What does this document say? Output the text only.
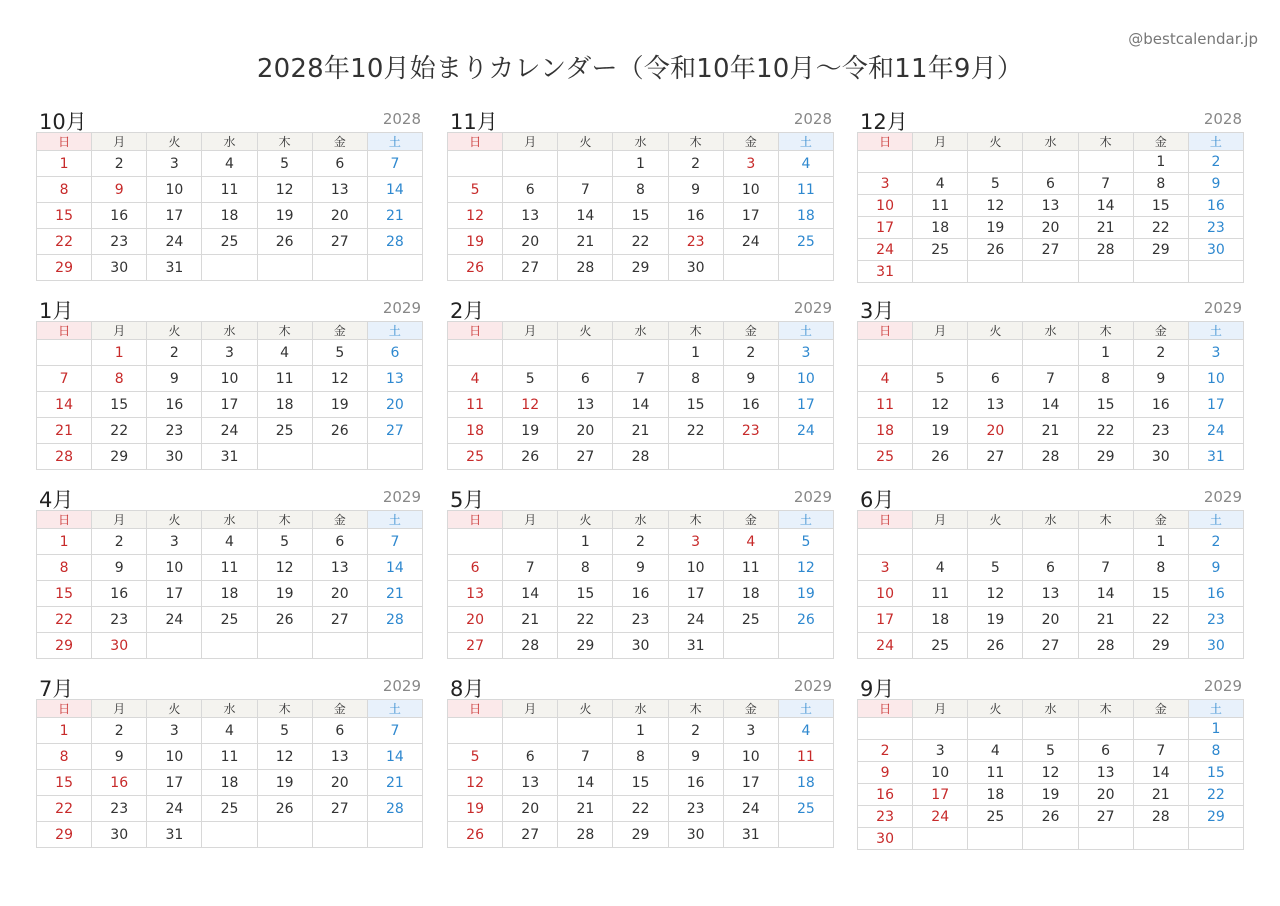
@bestcalendar.jp
2028年10月始まりカレンダー（令和10年10月〜令和11年9月）
10月	2028
日	月	火	水	木	金	土
1	2	3	4	5	6	7
8	9	10	11	12	13	14
15	16	17	18	19	20	21
22	23	24	25	26	27	28
29	30	31				
11月	2028
日	月	火	水	木	金	土
			1	2	3	4
5	6	7	8	9	10	11
12	13	14	15	16	17	18
19	20	21	22	23	24	25
26	27	28	29	30		
12月	2028
日	月	火	水	木	金	土
					1	2
3	4	5	6	7	8	9
10	11	12	13	14	15	16
17	18	19	20	21	22	23
24	25	26	27	28	29	30
31						
1月	2029
日	月	火	水	木	金	土
	1	2	3	4	5	6
7	8	9	10	11	12	13
14	15	16	17	18	19	20
21	22	23	24	25	26	27
28	29	30	31			
2月	2029
日	月	火	水	木	金	土
				1	2	3
4	5	6	7	8	9	10
11	12	13	14	15	16	17
18	19	20	21	22	23	24
25	26	27	28			
3月	2029
日	月	火	水	木	金	土
				1	2	3
4	5	6	7	8	9	10
11	12	13	14	15	16	17
18	19	20	21	22	23	24
25	26	27	28	29	30	31
4月	2029
日	月	火	水	木	金	土
1	2	3	4	5	6	7
8	9	10	11	12	13	14
15	16	17	18	19	20	21
22	23	24	25	26	27	28
29	30					
5月	2029
日	月	火	水	木	金	土
		1	2	3	4	5
6	7	8	9	10	11	12
13	14	15	16	17	18	19
20	21	22	23	24	25	26
27	28	29	30	31		
6月	2029
日	月	火	水	木	金	土
					1	2
3	4	5	6	7	8	9
10	11	12	13	14	15	16
17	18	19	20	21	22	23
24	25	26	27	28	29	30
7月	2029
日	月	火	水	木	金	土
1	2	3	4	5	6	7
8	9	10	11	12	13	14
15	16	17	18	19	20	21
22	23	24	25	26	27	28
29	30	31				
8月	2029
日	月	火	水	木	金	土
			1	2	3	4
5	6	7	8	9	10	11
12	13	14	15	16	17	18
19	20	21	22	23	24	25
26	27	28	29	30	31	
9月	2029
日	月	火	水	木	金	土
						1
2	3	4	5	6	7	8
9	10	11	12	13	14	15
16	17	18	19	20	21	22
23	24	25	26	27	28	29
30						
